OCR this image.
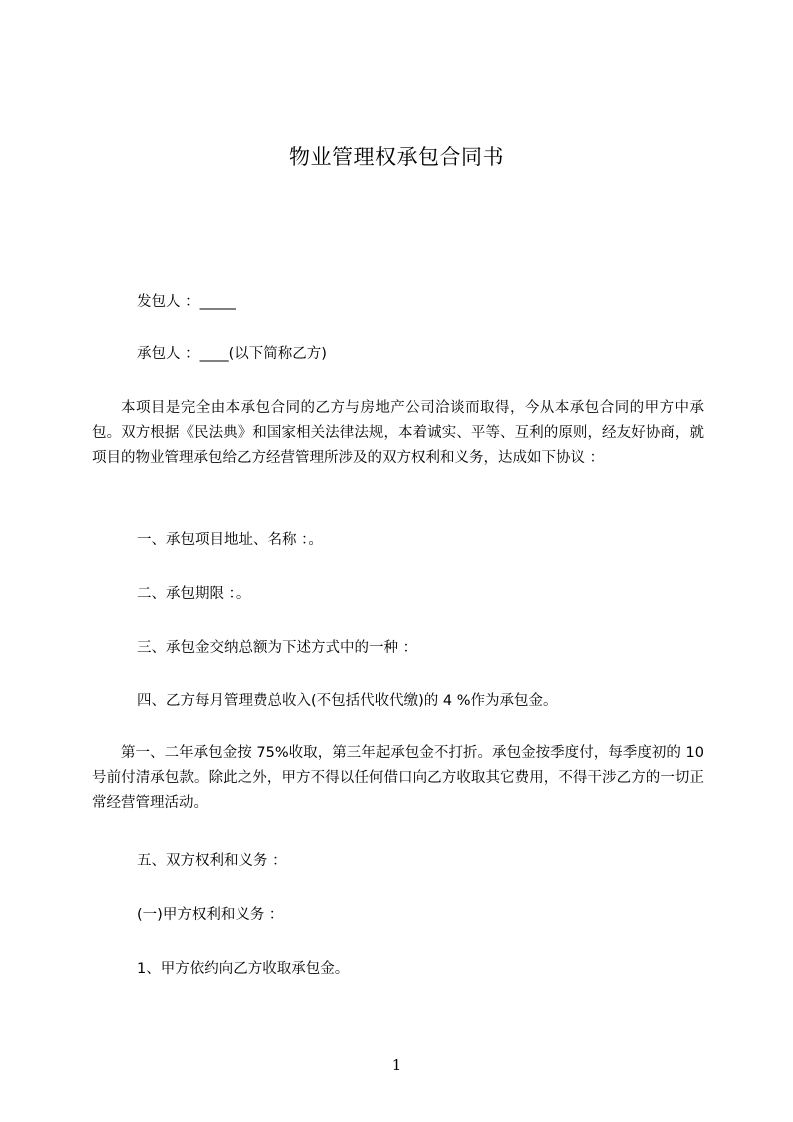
物业管理权承包合同书
发包人 ：_____
承包人 ：____(以下简称乙方)
本项目是完全由本承包合同的乙方与房地产公司洽谈而取得，今从本承包合同的甲方中承包。双方根据《民法典》和国家相关法律法规，本着诚实、平等、互利的原则，经友好协商，就项目的物业管理承包给乙方经营管理所涉及的双方权利和义务，达成如下协议 ：
一、承包项目地址、名称 ：。
二、承包期限 ：。
三、承包金交纳总额为下述方式中的一种 ：
四、乙方每月管理费总收入(不包括代收代缴)的 4 %作为承包金。
第一、二年承包金按 75%收取，第三年起承包金不打折。承包金按季度付，每季度初的 10 号前付清承包款。除此之外，甲方不得以任何借口向乙方收取其它费用，不得干涉乙方的一切正常经营管理活动。
五、双方权利和义务 ：
(一)甲方权利和义务 ：
1、甲方依约向乙方收取承包金。
1
